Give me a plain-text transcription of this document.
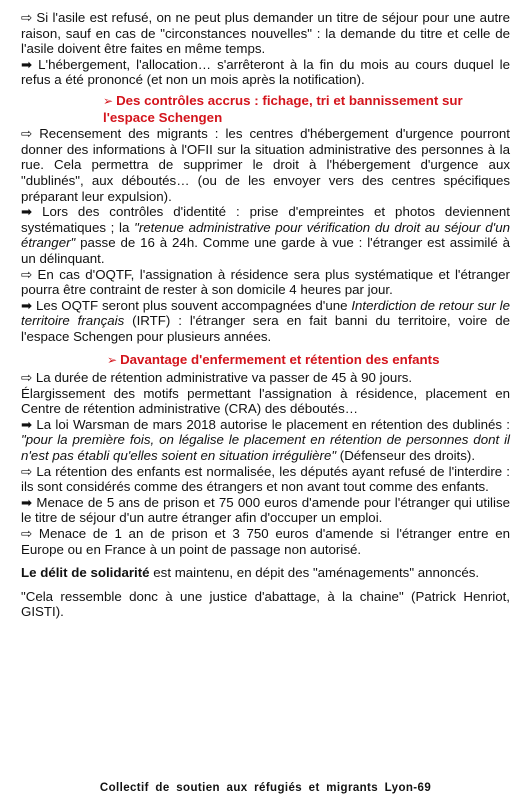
⇨ Si l'asile est refusé, on ne peut plus demander un titre de séjour pour une autre raison, sauf en cas de "circonstances nouvelles" : la demande du titre et celle de l'asile doivent être faites en même temps.

➡ L'hébergement, l'allocation… s'arrêteront à la fin du mois au cours duquel le refus a été prononcé (et non un mois après la notification).

➢ Des contrôles accrus : fichage, tri et bannissement sur
l'espace Schengen

⇨ Recensement des migrants : les centres d'hébergement d'urgence pourront donner des informations à l'OFII sur la situation administrative des personnes à la rue. Cela permettra de supprimer le droit à l'hébergement d'urgence aux "dublinés", aux déboutés… (ou de les envoyer vers des centres spécifiques préparant leur expulsion).

➡ Lors des contrôles d'identité : prise d'empreintes et photos deviennent systématiques ; la "retenue administrative pour vérification du droit au séjour d'un étranger" passe de 16 à 24h. Comme une garde à vue : l'étranger est assimilé à un délinquant.

⇨ En cas d'OQTF, l'assignation à résidence sera plus systématique et l'étranger pourra être contraint de rester à son domicile 4 heures par jour.

➡ Les OQTF seront plus souvent accompagnées d'une Interdiction de retour sur le territoire français (IRTF) : l'étranger sera en fait banni du territoire, voire de l'espace Schengen pour plusieurs années.

➢ Davantage d'enfermement et rétention des enfants

⇨ La durée de rétention administrative va passer de 45 à 90 jours.

Élargissement des motifs permettant l'assignation à résidence, placement en Centre de rétention administrative (CRA) des déboutés…

➡ La loi Warsman de mars 2018 autorise le placement en rétention des dublinés : "pour la première fois, on légalise le placement en rétention de personnes dont il n'est pas établi qu'elles soient en situation irrégulière" (Défenseur des droits).

⇨ La rétention des enfants est normalisée, les députés ayant refusé de l'interdire : ils sont considérés comme des étrangers et non avant tout comme des enfants.

➡ Menace de 5 ans de prison et 75 000 euros d'amende pour l'étranger qui utilise le titre de séjour d'un autre étranger afin d'occuper un emploi.

⇨ Menace de 1 an de prison et 3 750 euros d'amende si l'étranger entre en Europe ou en France à un point de passage non autorisé.

Le délit de solidarité est maintenu, en dépit des "aménagements" annoncés.

"Cela ressemble donc à une justice d'abattage, à la chaine" (Patrick Henriot, GISTI).

Collectif de soutien aux réfugiés et migrants Lyon-69
